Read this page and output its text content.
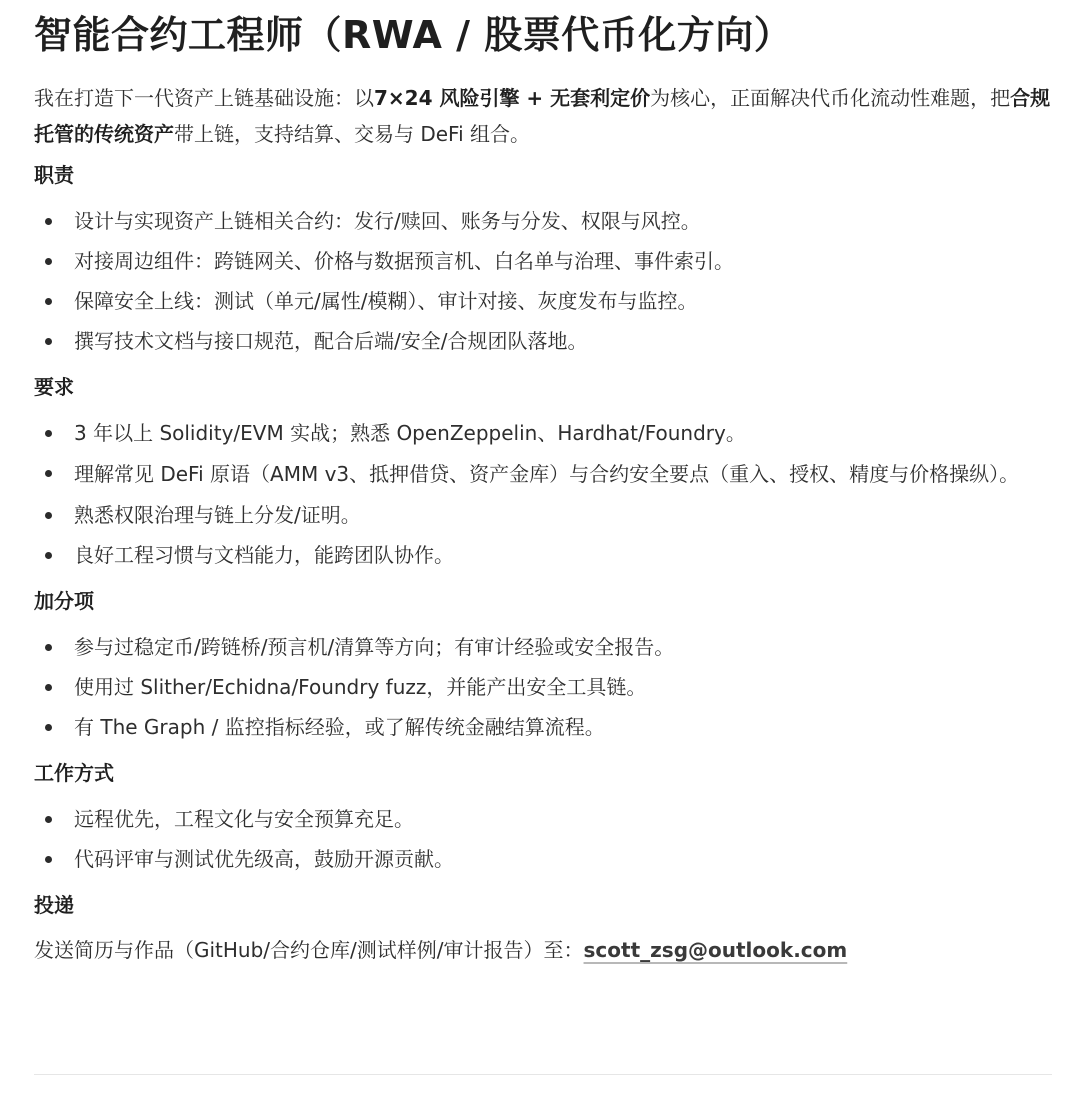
智能合约工程师（RWA / 股票代币化方向）

我在打造下一代资产上链基础设施：以7×24 风险引擎 + 无套利定价为核心，正面解决代币化流动性难题，把合规托管的传统资产带上链，支持结算、交易与 DeFi 组合。

职责
设计与实现资产上链相关合约：发行/赎回、账务与分发、权限与风控。
对接周边组件：跨链网关、价格与数据预言机、白名单与治理、事件索引。
保障安全上线：测试（单元/属性/模糊）、审计对接、灰度发布与监控。
撰写技术文档与接口规范，配合后端/安全/合规团队落地。
要求
3 年以上 Solidity/EVM 实战；熟悉 OpenZeppelin、Hardhat/Foundry。
理解常见 DeFi 原语（AMM v3、抵押借贷、资产金库）与合约安全要点（重入、授权、精度与价格操纵）。
熟悉权限治理与链上分发/证明。
良好工程习惯与文档能力，能跨团队协作。
加分项
参与过稳定币/跨链桥/预言机/清算等方向；有审计经验或安全报告。
使用过 Slither/Echidna/Foundry fuzz，并能产出安全工具链。
有 The Graph / 监控指标经验，或了解传统金融结算流程。
工作方式
远程优先，工程文化与安全预算充足。
代码评审与测试优先级高，鼓励开源贡献。
投递

发送简历与作品（GitHub/合约仓库/测试样例/审计报告）至：scott_zsg@outlook.com
